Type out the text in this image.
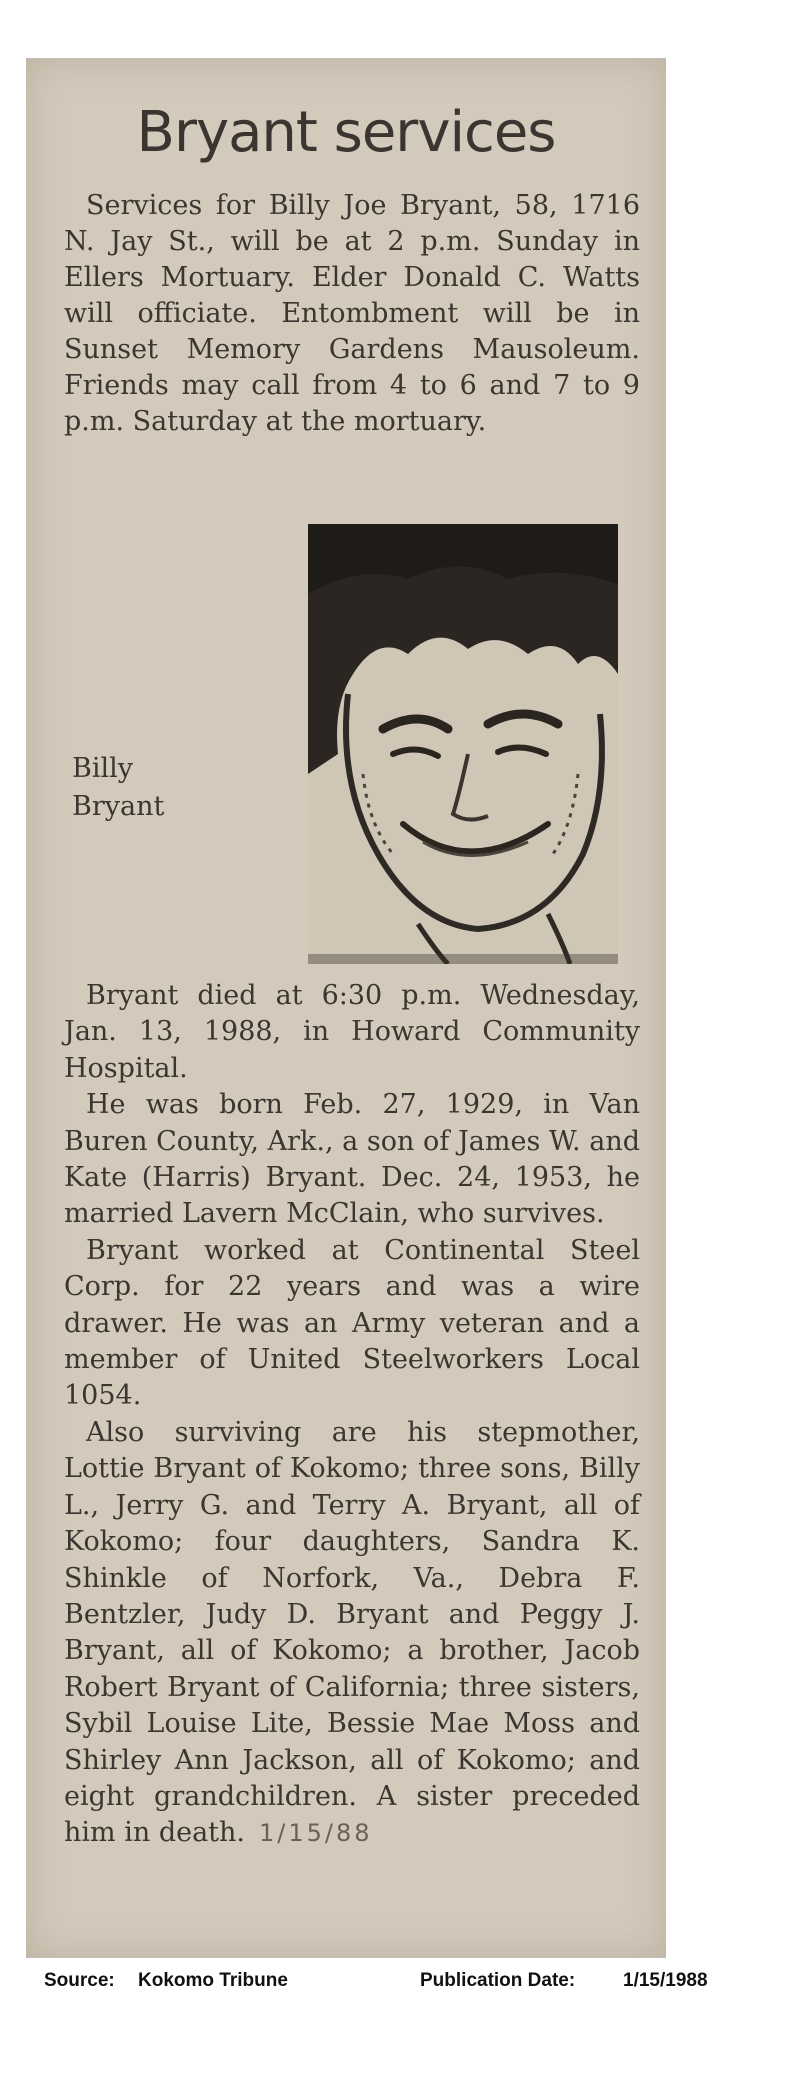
Bryant services

Services for Billy Joe Bryant, 58, 1716 N. Jay St., will be at 2 p.m. Sunday in Ellers Mortuary. Elder Donald C. Watts will officiate. Entombment will be in Sunset Memory Gardens Mausoleum. Friends may call from 4 to 6 and 7 to 9 p.m. Saturday at the mortuary.

Billy
Bryant

Bryant died at 6:30 p.m. Wednesday, Jan. 13, 1988, in Howard Community Hospital.

He was born Feb. 27, 1929, in Van Buren County, Ark., a son of James W. and Kate (Harris) Bryant. Dec. 24, 1953, he married Lavern McClain, who survives.

Bryant worked at Continental Steel Corp. for 22 years and was a wire drawer. He was an Army veteran and a member of United Steelworkers Local 1054.

Also surviving are his stepmother, Lottie Bryant of Kokomo; three sons, Billy L., Jerry G. and Terry A. Bryant, all of Kokomo; four daughters, Sandra K. Shinkle of Norfork, Va., Debra F. Bentzler, Judy D. Bryant and Peggy J. Bryant, all of Kokomo; a brother, Jacob Robert Bryant of California; three sisters, Sybil Louise Lite, Bessie Mae Moss and Shirley Ann Jackson, all of Kokomo; and eight grandchildren. A sister preceded him in death. 1/15/88

Source: Kokomo Tribune	Publication Date:	1/15/1988
